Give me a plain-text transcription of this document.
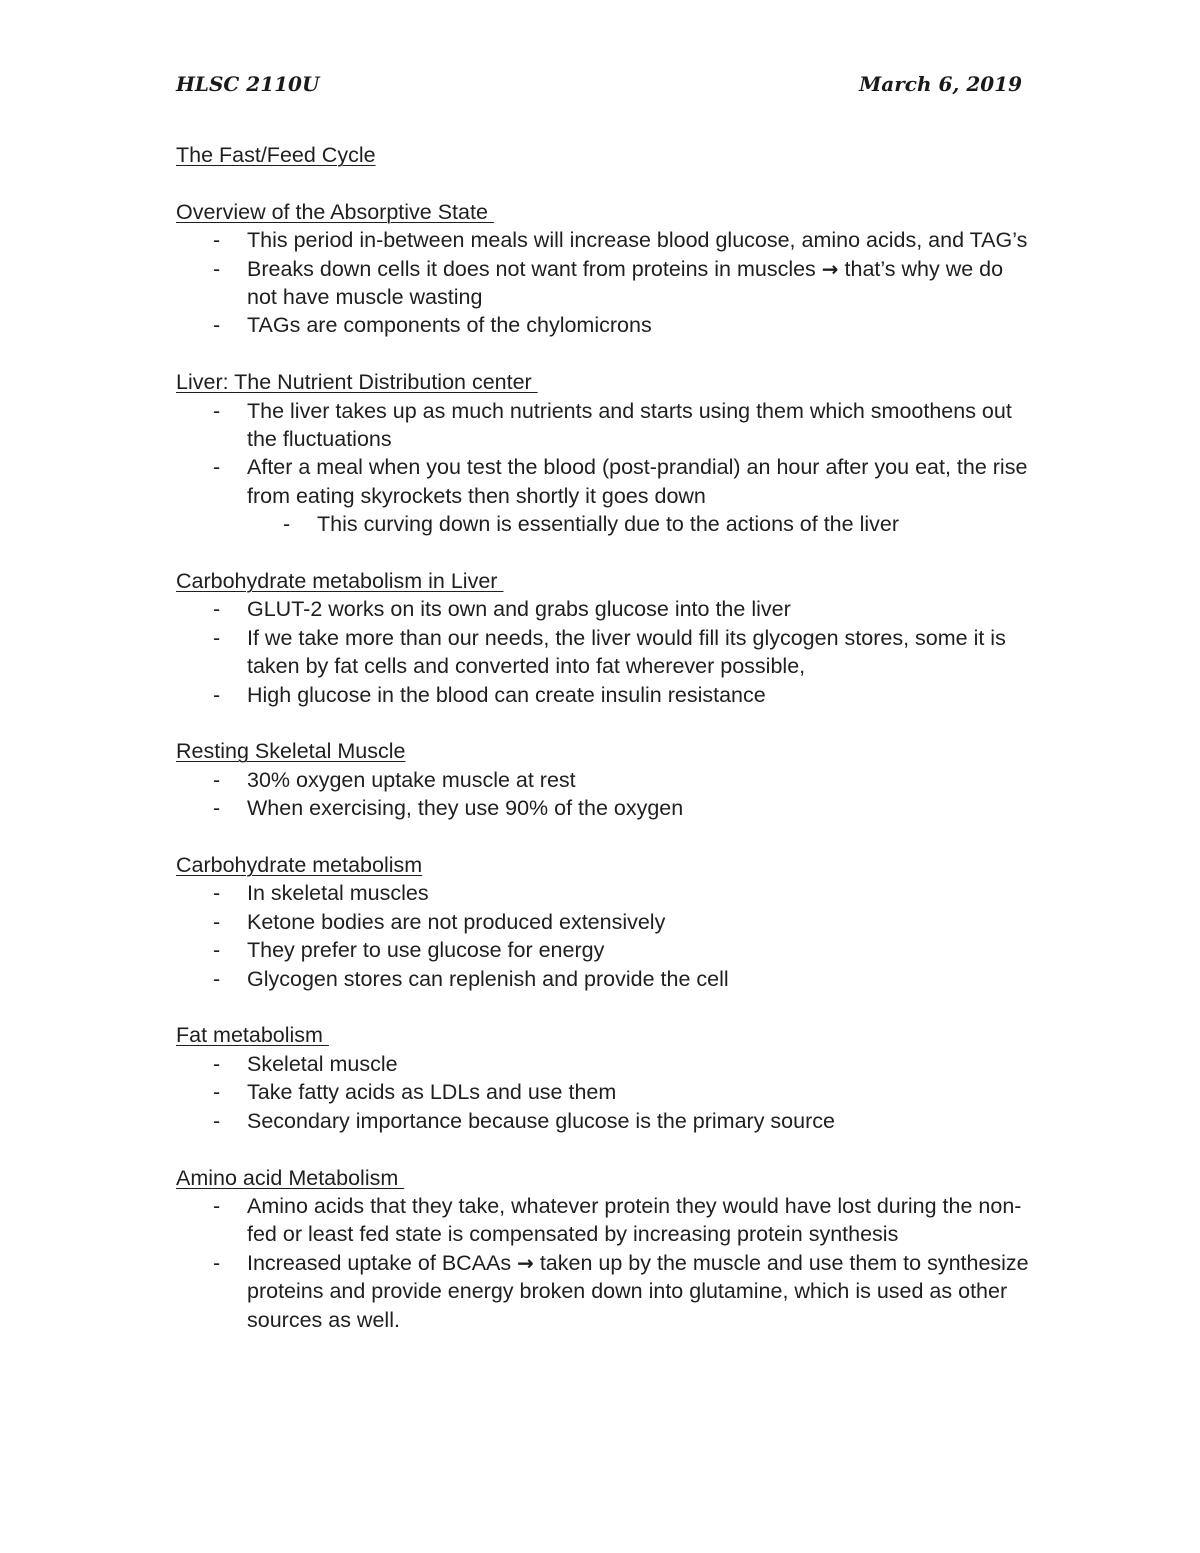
HLSC 2110U	March 6, 2019
The Fast/Feed Cycle
Overview of the Absorptive State
-	This period in-between meals will increase blood glucose, amino acids, and TAG’s
-	Breaks down cells it does not want from proteins in muscles → that’s why we do not have muscle wasting
-	TAGs are components of the chylomicrons
Liver: The Nutrient Distribution center
-	The liver takes up as much nutrients and starts using them which smoothens out the fluctuations
-	After a meal when you test the blood (post-prandial) an hour after you eat, the rise from eating skyrockets then shortly it goes down
-	This curving down is essentially due to the actions of the liver
Carbohydrate metabolism in Liver
-	GLUT-2 works on its own and grabs glucose into the liver
-	If we take more than our needs, the liver would fill its glycogen stores, some it is taken by fat cells and converted into fat wherever possible,
-	High glucose in the blood can create insulin resistance
Resting Skeletal Muscle
-	30% oxygen uptake muscle at rest
-	When exercising, they use 90% of the oxygen
Carbohydrate metabolism
-	In skeletal muscles
-	Ketone bodies are not produced extensively
-	They prefer to use glucose for energy
-	Glycogen stores can replenish and provide the cell
Fat metabolism
-	Skeletal muscle
-	Take fatty acids as LDLs and use them
-	Secondary importance because glucose is the primary source
Amino acid Metabolism
-	Amino acids that they take, whatever protein they would have lost during the non-fed or least fed state is compensated by increasing protein synthesis
-	Increased uptake of BCAAs → taken up by the muscle and use them to synthesize proteins and provide energy broken down into glutamine, which is used as other sources as well.
